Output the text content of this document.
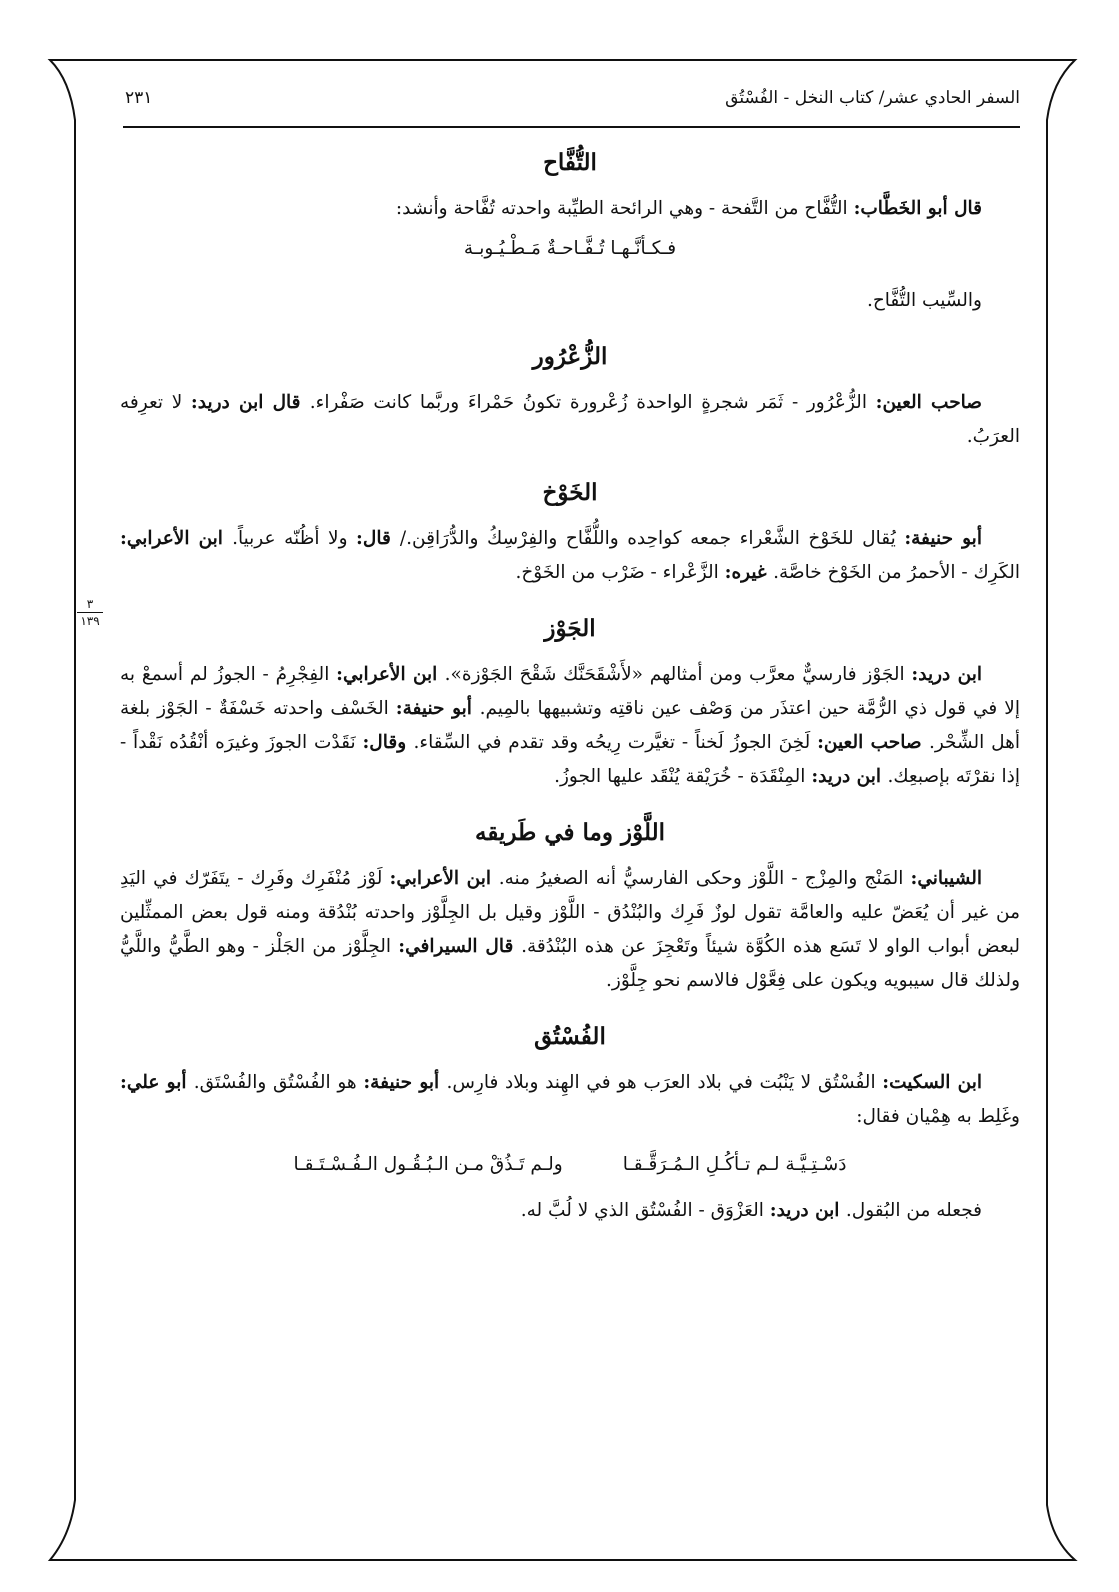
٢٣١	السفر الحادي عشر/ كتاب النخل - الفُسْتُق
٣
١٣٩
التُّفَّاح

قال أبو الخَطَّاب: التُّفَّاح من التَّفحة - وهي الرائحة الطيِّبة واحدته تُفَّاحة وأنشد:

فـكـأنَّـهـا تُـفَّـاحـةٌ مَـطْـيُـوبـة

والسِّيب التُّفَّاح.

الزُّعْرُور

صاحب العين: الزُّعْرُور - ثَمَر شجرةٍ الواحدة زُعْرورة تكونُ حَمْراءَ وربَّما كانت صَفْراء. قال ابن دريد: لا تعرِفه العرَبُ.

الخَوْخ

أبو حنيفة: يُقال للخَوْخ الشَّعْراء جمعه كواحِده واللُّفَّاح والفِرْسِكُ والدُّرَاقِن./ قال: ولا أظُنّه عربياً. ابن الأعرابي: الكَرِك - الأحمرُ من الخَوْخ خاصَّة. غيره: الزَّعْراء - ضَرْب من الخَوْخ.

الجَوْز

ابن دريد: الجَوْز فارسيٌّ معرَّب ومن أمثالهم «لأَشْقَحَنَّك شَقْحَ الجَوْزة». ابن الأعرابي: الفِجْرِمُ - الجوزُ لم أسمعْ به إلا في قول ذي الرُّمَّة حين اعتذَر من وَصْف عين ناقتِه وتشبيهها بالمِيم. أبو حنيفة: الخَسْف واحدته خَسْفَةٌ - الجَوْز بلغة أهل الشِّحْر. صاحب العين: لَخِنَ الجوزُ لَخناً - تغيَّرت رِيحُه وقد تقدم في السِّقاء. وقال: نَقَدْت الجوزَ وغيرَه أنْقُدُه نَقْداً - إذا نقرْتَه بإصبعِك. ابن دريد: المِنْقَدَة - خُرَيْقة يُنْقَد عليها الجوزُ.

اللَّوْز وما في طَريقه

الشيباني: المَنْج والمِزْج - اللَّوْز وحكى الفارسيُّ أنه الصغيرُ منه. ابن الأعرابي: لَوْز مُنْفَرِك وفَرِك - يتَفَرّك في اليَدِ من غير أن يُعَضّ عليه والعامَّة تقول لوزٌ فَرِك والبُنْدُق - اللَّوْز وقيل بل الجِلَّوْز واحدته بُنْدُقة ومنه قول بعض الممثِّلين لبعض أبواب الواو لا تَسَع هذه الكُوَّة شيئاً وتَعْجِزَ عن هذه البُنْدُقة. قال السيرافي: الجِلَّوْز من الجَلْز - وهو الطَّيُّ واللَّيُّ ولذلك قال سيبويه ويكون على فِعَّوْل فالاسم نحو جِلَّوْز.

الفُسْتُق

ابن السكيت: الفُسْتُق لا يَنْبُت في بلاد العرَب هو في الهِند وبلاد فارِس. أبو حنيفة: هو الفُسْتُق والفُسْتَق. أبو علي: وغَلِط به هِمْيان فقال:

دَسْـتِـيَّـة لـم تـأكُـلِ الـمُـرَقَّـقـا
ولـم تَـذُقْ مـن الـبُـقُـول الـفُـسْـتَـقـا

فجعله من البُقول. ابن دريد: العَزْوَق - الفُسْتُق الذي لا لُبَّ له.
